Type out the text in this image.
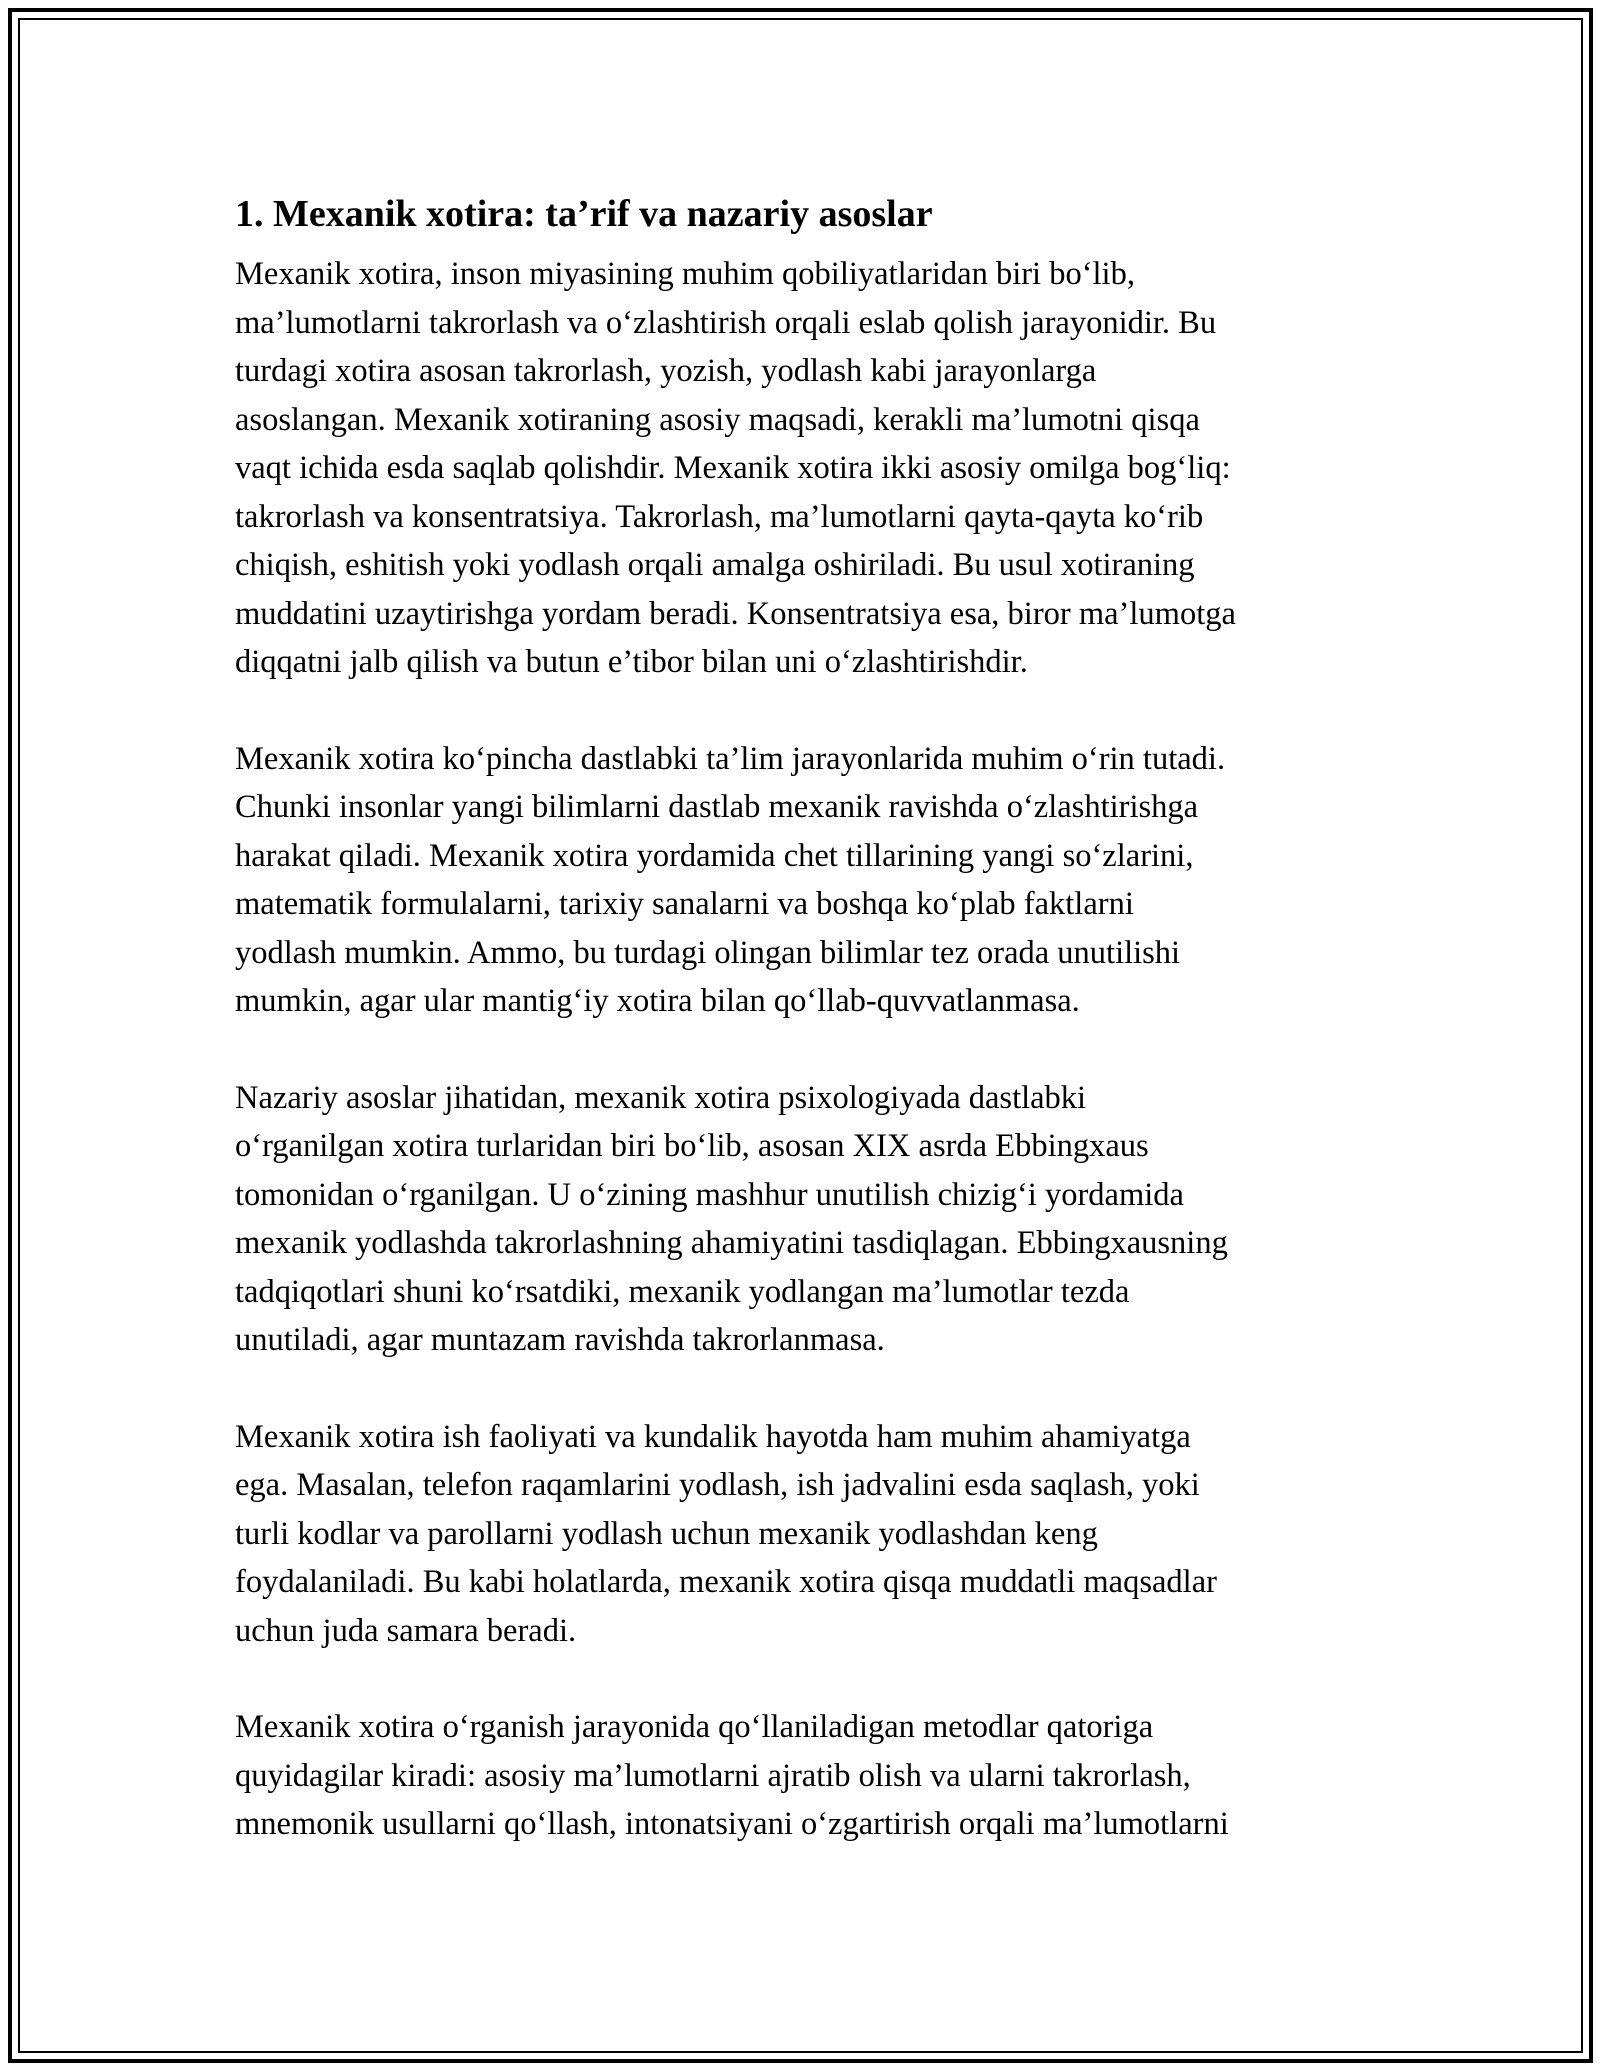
1. Mexanik xotira: ta’rif va nazariy asoslar
Mexanik xotira, inson miyasining muhim qobiliyatlaridan biri bo‘lib,
ma’lumotlarni takrorlash va o‘zlashtirish orqali eslab qolish jarayonidir. Bu
turdagi xotira asosan takrorlash, yozish, yodlash kabi jarayonlarga
asoslangan. Mexanik xotiraning asosiy maqsadi, kerakli ma’lumotni qisqa
vaqt ichida esda saqlab qolishdir. Mexanik xotira ikki asosiy omilga bog‘liq:
takrorlash va konsentratsiya. Takrorlash, ma’lumotlarni qayta-qayta ko‘rib
chiqish, eshitish yoki yodlash orqali amalga oshiriladi. Bu usul xotiraning
muddatini uzaytirishga yordam beradi. Konsentratsiya esa, biror ma’lumotga
diqqatni jalb qilish va butun e’tibor bilan uni o‘zlashtirishdir.
Mexanik xotira ko‘pincha dastlabki ta’lim jarayonlarida muhim o‘rin tutadi.
Chunki insonlar yangi bilimlarni dastlab mexanik ravishda o‘zlashtirishga
harakat qiladi. Mexanik xotira yordamida chet tillarining yangi so‘zlarini,
matematik formulalarni, tarixiy sanalarni va boshqa ko‘plab faktlarni
yodlash mumkin. Ammo, bu turdagi olingan bilimlar tez orada unutilishi
mumkin, agar ular mantig‘iy xotira bilan qo‘llab-quvvatlanmasa.
Nazariy asoslar jihatidan, mexanik xotira psixologiyada dastlabki
o‘rganilgan xotira turlaridan biri bo‘lib, asosan XIX asrda Ebbingxaus
tomonidan o‘rganilgan. U o‘zining mashhur unutilish chizig‘i yordamida
mexanik yodlashda takrorlashning ahamiyatini tasdiqlagan. Ebbingxausning
tadqiqotlari shuni ko‘rsatdiki, mexanik yodlangan ma’lumotlar tezda
unutiladi, agar muntazam ravishda takrorlanmasa.
Mexanik xotira ish faoliyati va kundalik hayotda ham muhim ahamiyatga
ega. Masalan, telefon raqamlarini yodlash, ish jadvalini esda saqlash, yoki
turli kodlar va parollarni yodlash uchun mexanik yodlashdan keng
foydalaniladi. Bu kabi holatlarda, mexanik xotira qisqa muddatli maqsadlar
uchun juda samara beradi.
Mexanik xotira o‘rganish jarayonida qo‘llaniladigan metodlar qatoriga
quyidagilar kiradi: asosiy ma’lumotlarni ajratib olish va ularni takrorlash,
mnemonik usullarni qo‘llash, intonatsiyani o‘zgartirish orqali ma’lumotlarni
